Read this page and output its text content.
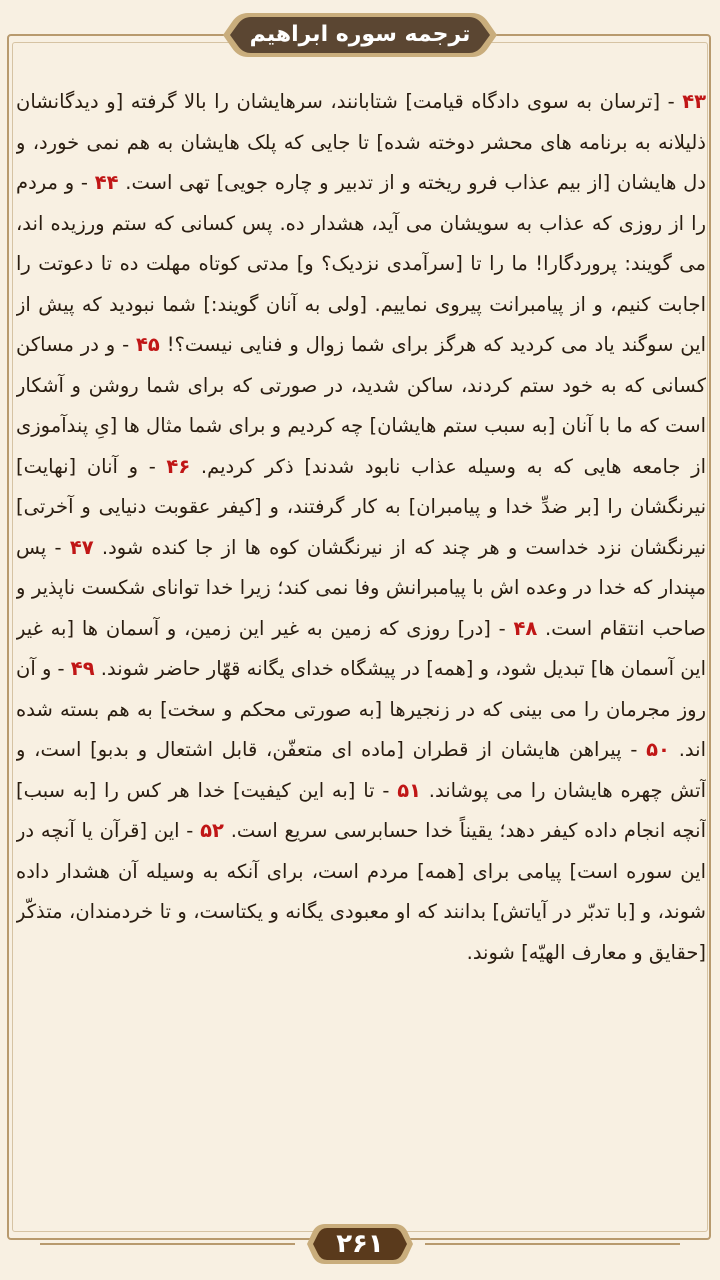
ترجمه سوره ابراهیم
۴۳ - [ترسان به سوی دادگاه قیامت] شتابانند، سرهایشان را بالا گرفته [و دیدگانشان ذلیلانه به برنامه های محشر دوخته شده] تا جایی که پلک هایشان به هم نمی خورد، و دل هایشان [از بیم عذاب فرو ریخته و از تدبیر و چاره جویی] تهی است. ۴۴ - و مردم را از روزی که عذاب به سویشان می آید، هشدار ده. پس کسانی که ستم ورزیده اند، می گویند: پروردگارا! ما را تا [سرآمدی نزدیک؟ و] مدتی کوتاه مهلت ده تا دعوتت را اجابت کنیم، و از پیامبرانت پیروی نماییم. [ولی به آنان گویند:] شما نبودید که پیش از این سوگند یاد می کردید که هرگز برای شما زوال و فنایی نیست؟! ۴۵ - و در مساکن کسانی که به خود ستم کردند، ساکن شدید، در صورتی که برای شما روشن و آشکار است که ما با آنان [به سبب ستم هایشان] چه کردیم و برای شما مثال ها [یِ پندآموزی از جامعه هایی که به وسیله عذاب نابود شدند] ذکر کردیم. ۴۶ - و آنان [نهایت] نیرنگشان را [بر ضدِّ خدا و پیامبران] به کار گرفتند، و [کیفر عقوبت دنیایی و آخرتی] نیرنگشان نزد خداست و هر چند که از نیرنگشان کوه ها از جا کنده شود. ۴۷ - پس مپندار که خدا در وعده اش با پیامبرانش وفا نمی کند؛ زیرا خدا توانای شکست ناپذیر و صاحب انتقام است. ۴۸ - [در] روزی که زمین به غیر این زمین، و آسمان ها [به غیر این آسمان ها] تبدیل شود، و [همه] در پیشگاه خدای یگانه قهّار حاضر شوند. ۴۹ - و آن روز مجرمان را می بینی که در زنجیرها [به صورتی محکم و سخت] به هم بسته شده اند. ۵۰ - پیراهن هایشان از قطران [ماده ای متعفّن، قابل اشتعال و بدبو] است، و آتش چهره هایشان را می پوشاند. ۵۱ - تا [به این کیفیت] خدا هر کس را [به سبب] آنچه انجام داده کیفر دهد؛ یقیناً خدا حسابرسی سریع است. ۵۲ - این [قرآن یا آنچه در این سوره است] پیامی برای [همه] مردم است، برای آنکه به وسیله آن هشدار داده شوند، و [با تدبّر در آیاتش] بدانند که او معبودی یگانه و یکتاست، و تا خردمندان، متذکّر [حقایق و معارف الهیّه] شوند.
۲۶۱
